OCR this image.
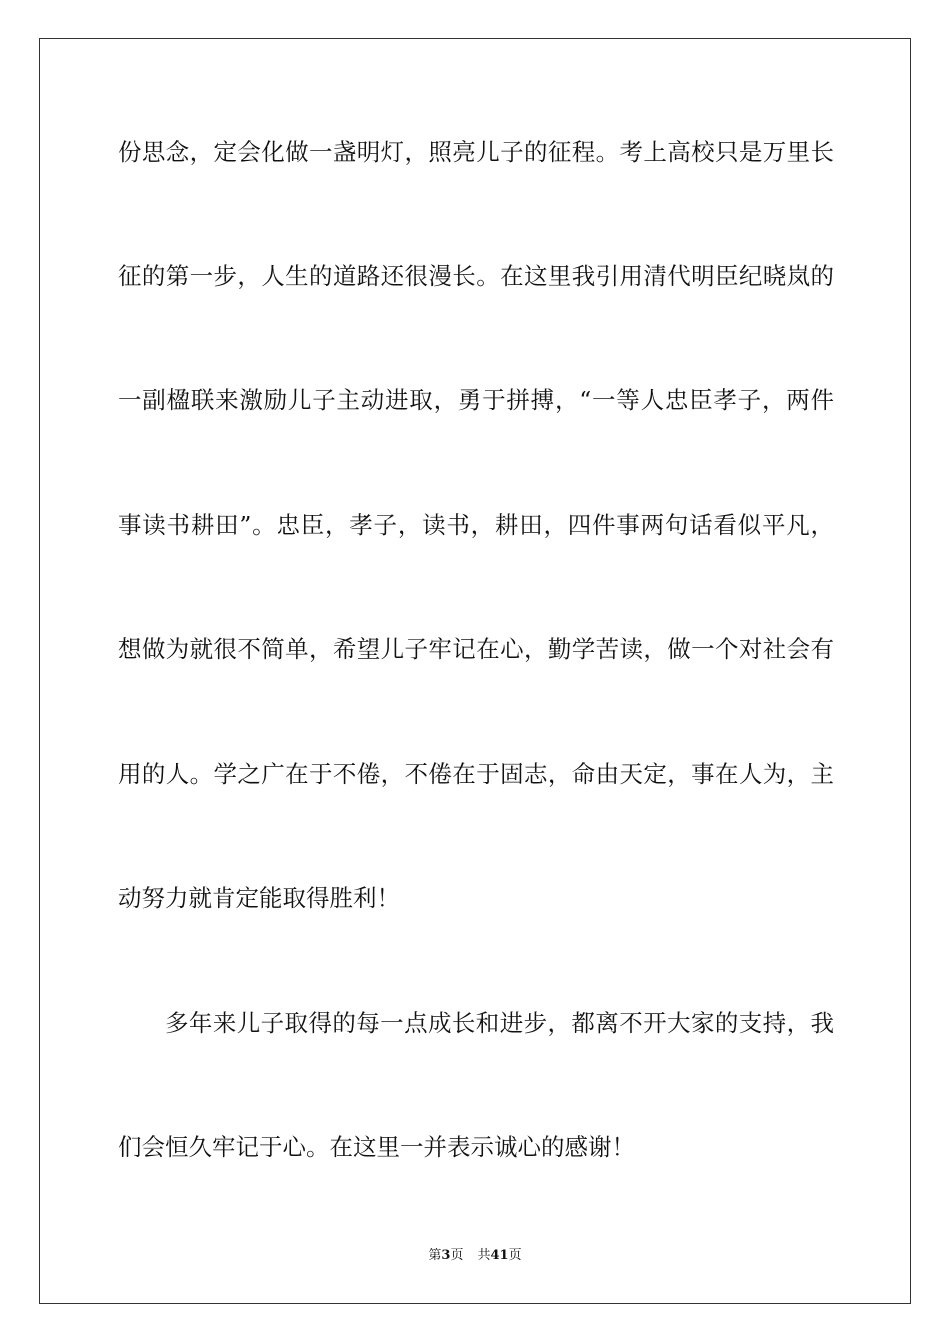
份思念，定会化做一盏明灯，照亮儿子的征程。考上高校只是万里长
征的第一步，人生的道路还很漫长。在这里我引用清代明臣纪晓岚的
一副楹联来激励儿子主动进取，勇于拼搏，“一等人忠臣孝子，两件
事读书耕田”。忠臣，孝子，读书，耕田，四件事两句话看似平凡，
想做为就很不简单，希望儿子牢记在心，勤学苦读，做一个对社会有
用的人。学之广在于不倦，不倦在于固志，命由天定，事在人为，主
动努力就肯定能取得胜利！
多年来儿子取得的每一点成长和进步，都离不开大家的支持，我
们会恒久牢记于心。在这里一并表示诚心的感谢！
第3页 共41页
